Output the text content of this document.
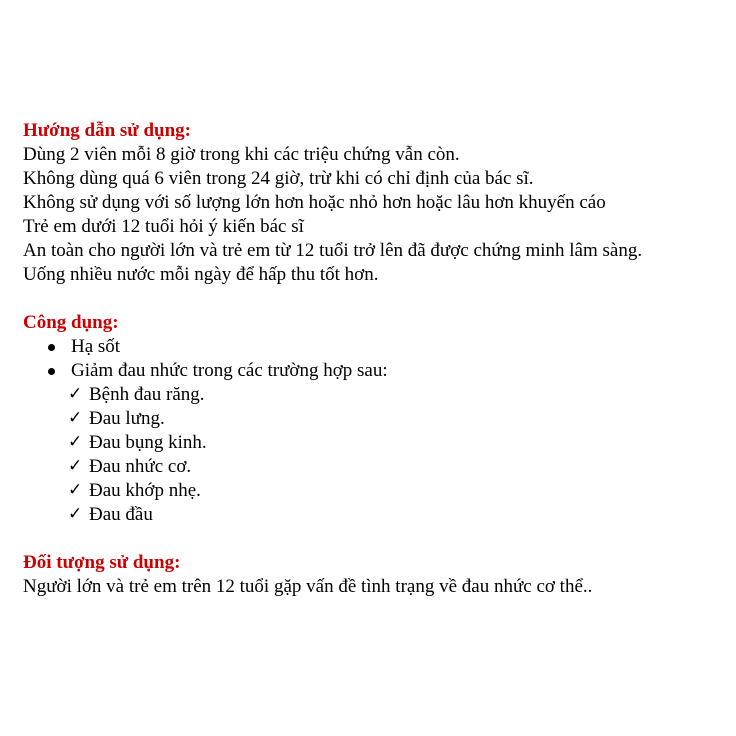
Hướng dẫn sử dụng:

Dùng 2 viên mỗi 8 giờ trong khi các triệu chứng vẫn còn.

Không dùng quá 6 viên trong 24 giờ, trừ khi có chỉ định của bác sĩ.

Không sử dụng với số lượng lớn hơn hoặc nhỏ hơn hoặc lâu hơn khuyến cáo

Trẻ em dưới 12 tuổi hỏi ý kiến bác sĩ

An toàn cho người lớn và trẻ em từ 12 tuổi trở lên đã được chứng minh lâm sàng.

Uống nhiều nước mỗi ngày để hấp thu tốt hơn.

Công dụng:

Hạ sốt
Giảm đau nhức trong các trường hợp sau:
✓ Bệnh đau răng.
✓ Đau lưng.
✓ Đau bụng kinh.
✓ Đau nhức cơ.
✓ Đau khớp nhẹ.
✓ Đau đầu

Đối tượng sử dụng:

Người lớn và trẻ em trên 12 tuổi gặp vấn đề tình trạng về đau nhức cơ thể..
